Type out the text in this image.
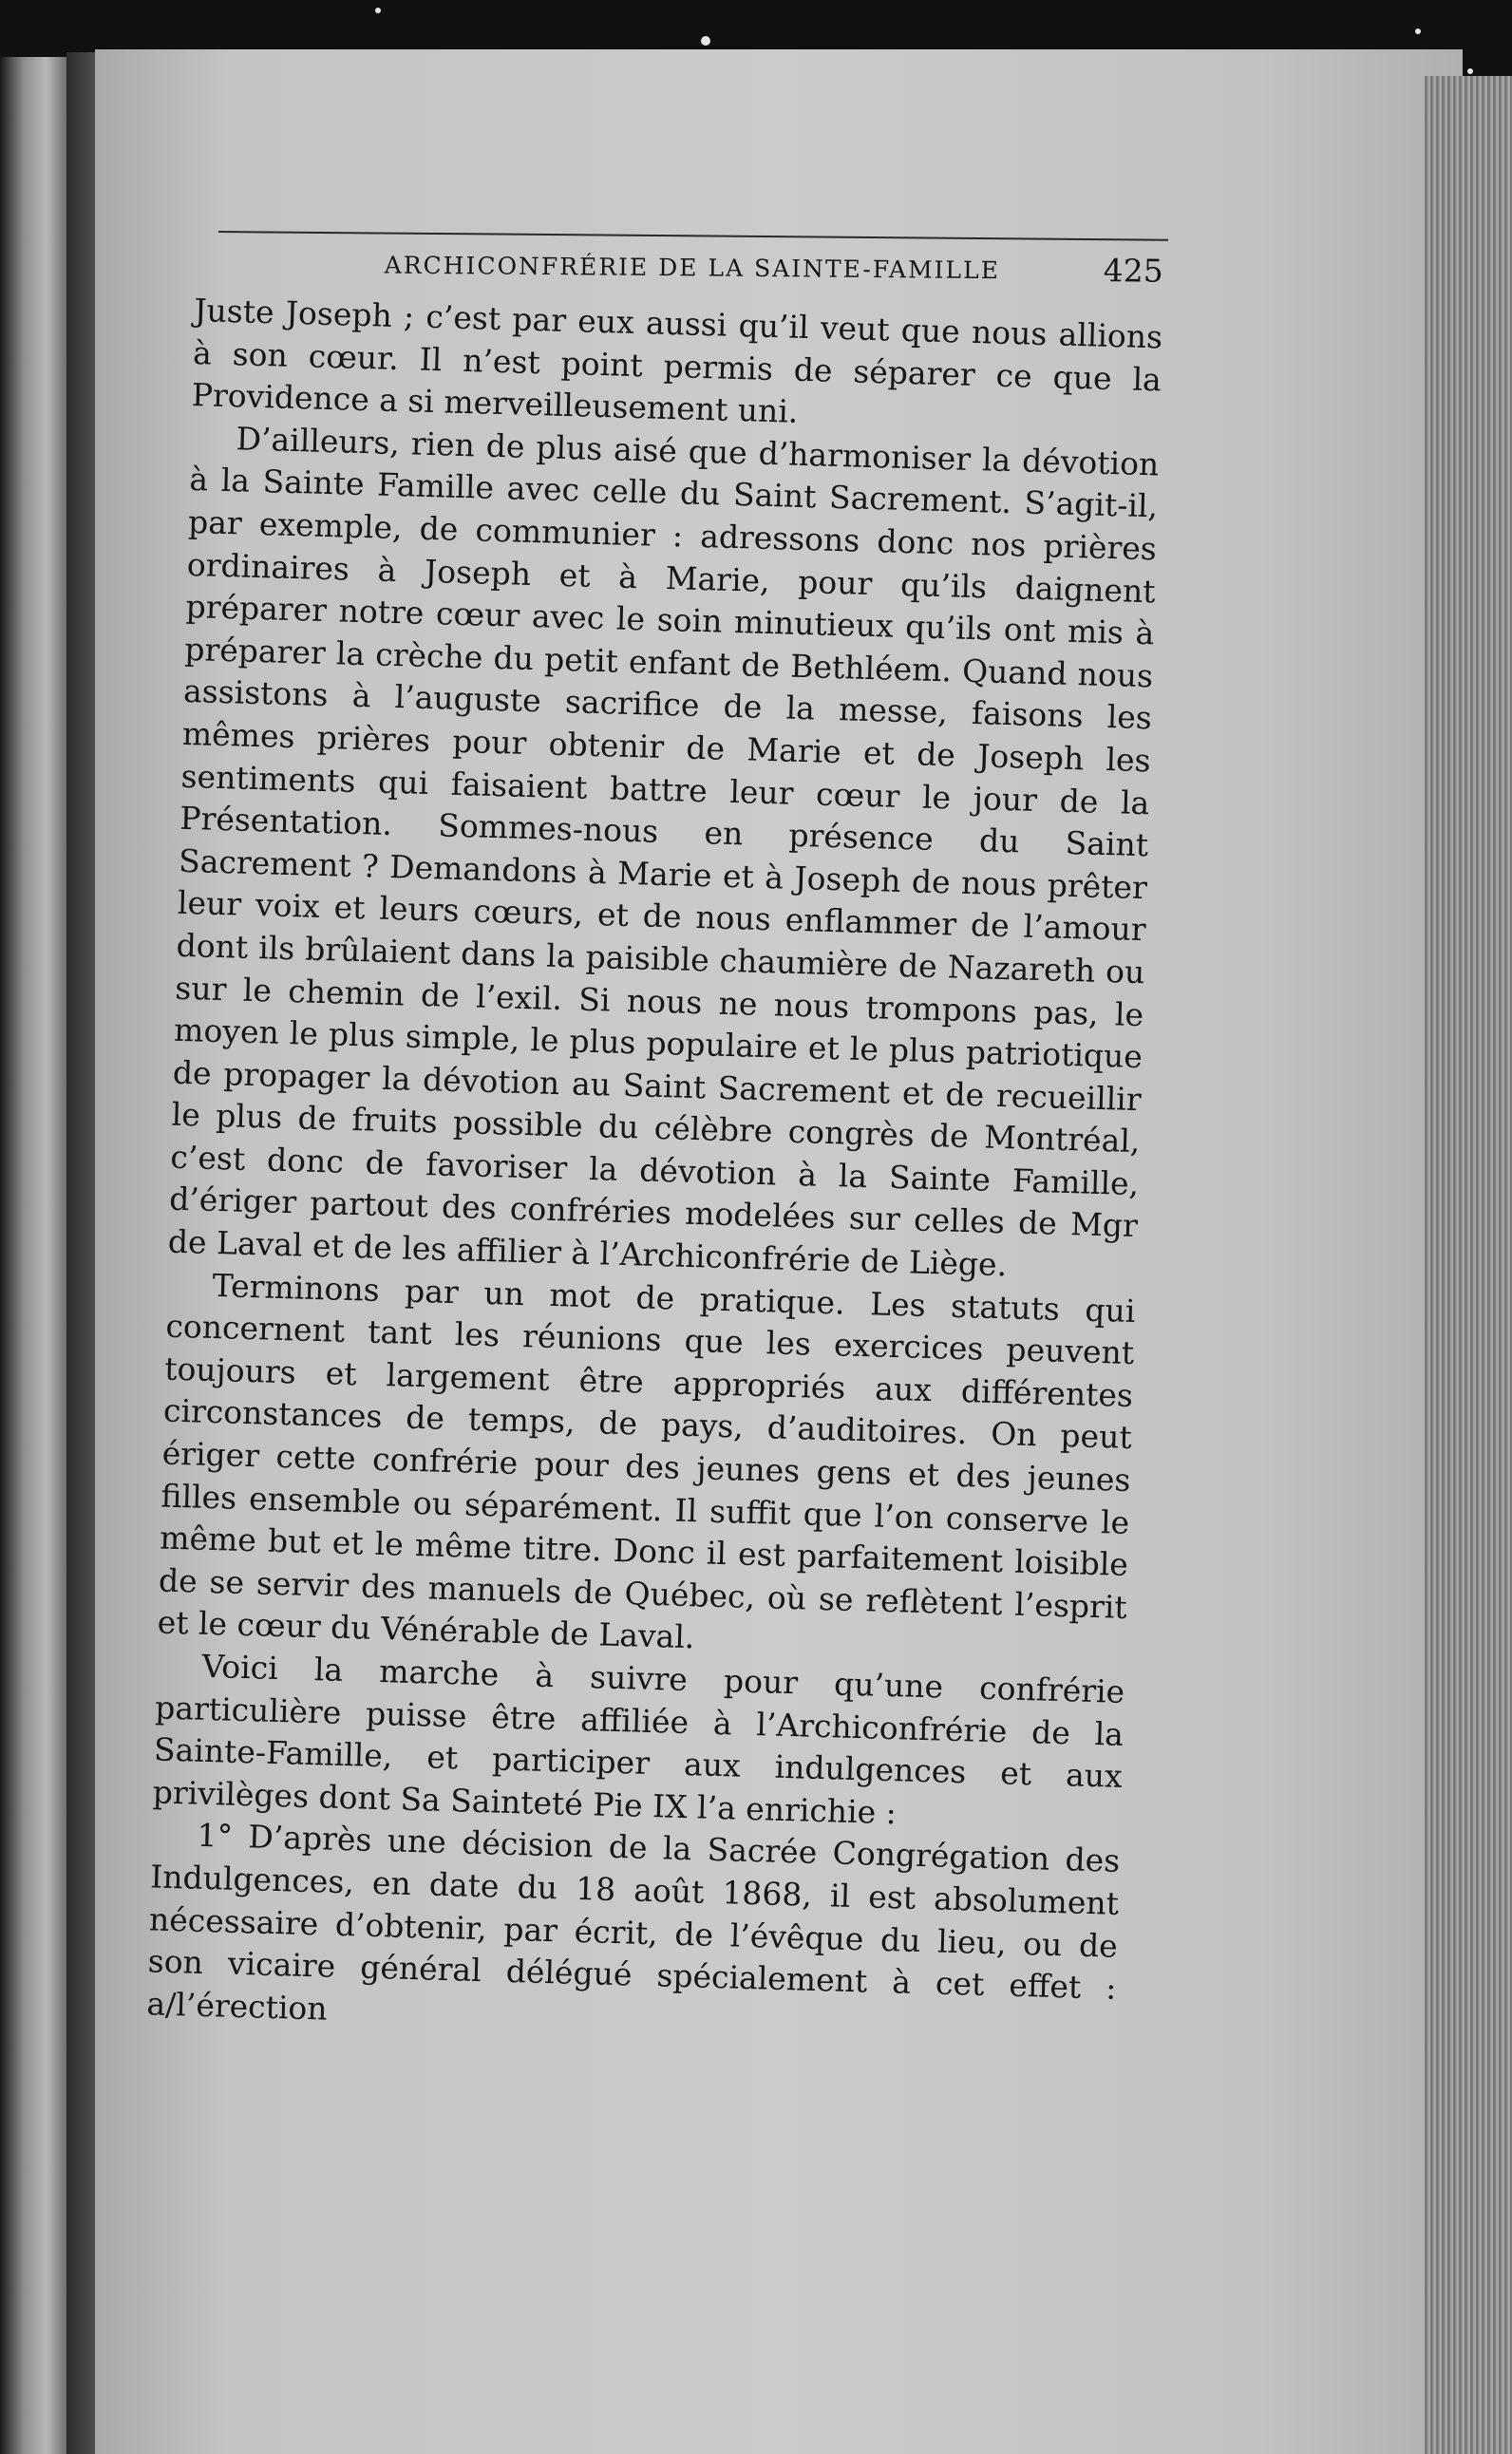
ARCHICONFRÉRIE DE LA SAINTE-FAMILLE	425

Juste Joseph ; c’est par eux aussi qu’il veut que nous allions à son cœur. Il n’est point permis de séparer ce que la Providence a si merveilleusement uni.

D’ailleurs, rien de plus aisé que d’harmoniser la dévotion à la Sainte Famille avec celle du Saint Sacrement. S’agit-il, par exemple, de communier : adressons donc nos prières ordinaires à Joseph et à Marie, pour qu’ils daignent préparer notre cœur avec le soin minutieux qu’ils ont mis à préparer la crèche du petit enfant de Bethléem. Quand nous assistons à l’auguste sacrifice de la messe, faisons les mêmes prières pour obtenir de Marie et de Joseph les sentiments qui faisaient battre leur cœur le jour de la Présentation. Sommes-nous en présence du Saint Sacrement ? Demandons à Marie et à Joseph de nous prêter leur voix et leurs cœurs, et de nous enflammer de l’amour dont ils brûlaient dans la paisible chaumière de Nazareth ou sur le chemin de l’exil. Si nous ne nous trompons pas, le moyen le plus simple, le plus populaire et le plus patriotique de propager la dévotion au Saint Sacrement et de recueillir le plus de fruits possible du célèbre congrès de Montréal, c’est donc de favoriser la dévotion à la Sainte Famille, d’ériger partout des confréries modelées sur celles de Mgr de Laval et de les affilier à l’Archiconfrérie de Liège.

Terminons par un mot de pratique. Les statuts qui concernent tant les réunions que les exercices peuvent toujours et largement être appropriés aux différentes circonstances de temps, de pays, d’auditoires. On peut ériger cette confrérie pour des jeunes gens et des jeunes filles ensemble ou séparément. Il suffit que l’on conserve le même but et le même titre. Donc il est parfaitement loisible de se servir des manuels de Québec, où se reflètent l’esprit et le cœur du Vénérable de Laval.

Voici la marche à suivre pour qu’une confrérie particulière puisse être affiliée à l’Archiconfrérie de la Sainte-Famille, et participer aux indulgences et aux privilèges dont Sa Sainteté Pie IX l’a enrichie :

1° D’après une décision de la Sacrée Congrégation des Indulgences, en date du 18 août 1868, il est absolument nécessaire d’obtenir, par écrit, de l’évêque du lieu, ou de son vicaire général délégué spécialement à cet effet : a/l’érection
